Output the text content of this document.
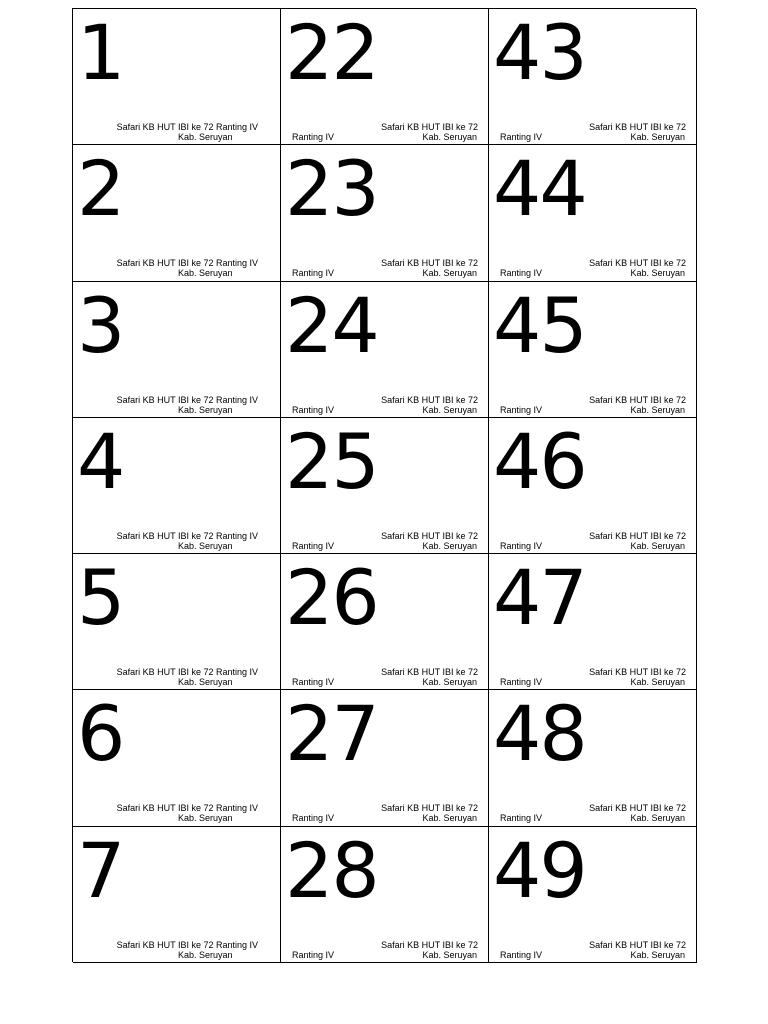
1
Safari KB HUT IBI ke 72 Ranting IV
Kab. Seruyan
22
Safari KB HUT IBI ke 72
Ranting IV	Kab. Seruyan
43
Safari KB HUT IBI ke 72
Ranting IV	Kab. Seruyan
2
Safari KB HUT IBI ke 72 Ranting IV
Kab. Seruyan
23
Safari KB HUT IBI ke 72
Ranting IV	Kab. Seruyan
44
Safari KB HUT IBI ke 72
Ranting IV	Kab. Seruyan
3
Safari KB HUT IBI ke 72 Ranting IV
Kab. Seruyan
24
Safari KB HUT IBI ke 72
Ranting IV	Kab. Seruyan
45
Safari KB HUT IBI ke 72
Ranting IV	Kab. Seruyan
4
Safari KB HUT IBI ke 72 Ranting IV
Kab. Seruyan
25
Safari KB HUT IBI ke 72
Ranting IV	Kab. Seruyan
46
Safari KB HUT IBI ke 72
Ranting IV	Kab. Seruyan
5
Safari KB HUT IBI ke 72 Ranting IV
Kab. Seruyan
26
Safari KB HUT IBI ke 72
Ranting IV	Kab. Seruyan
47
Safari KB HUT IBI ke 72
Ranting IV	Kab. Seruyan
6
Safari KB HUT IBI ke 72 Ranting IV
Kab. Seruyan
27
Safari KB HUT IBI ke 72
Ranting IV	Kab. Seruyan
48
Safari KB HUT IBI ke 72
Ranting IV	Kab. Seruyan
7
Safari KB HUT IBI ke 72 Ranting IV
Kab. Seruyan
28
Safari KB HUT IBI ke 72
Ranting IV	Kab. Seruyan
49
Safari KB HUT IBI ke 72
Ranting IV	Kab. Seruyan
